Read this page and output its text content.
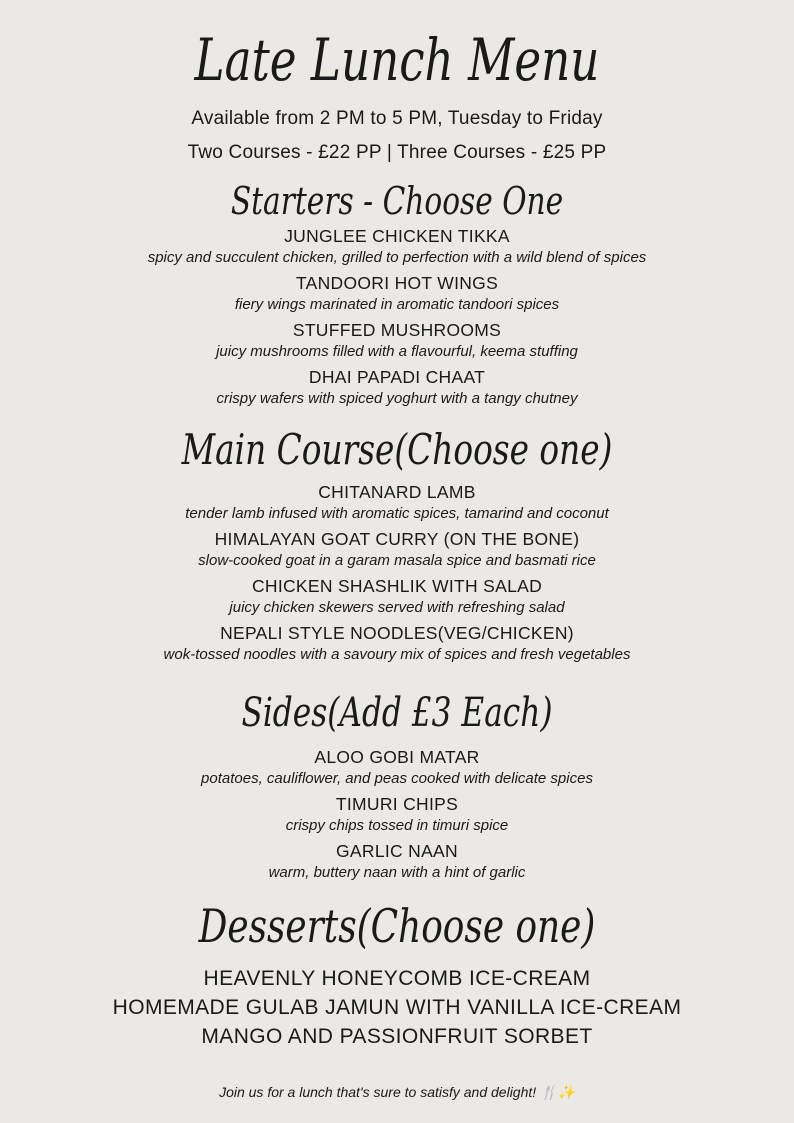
Late Lunch Menu
Available from 2 PM to 5 PM, Tuesday to Friday
Two Courses - £22 PP | Three Courses - £25 PP
Starters - Choose One
JUNGLEE CHICKEN TIKKA
spicy and succulent chicken, grilled to perfection with a wild blend of spices
TANDOORI HOT WINGS
fiery wings marinated in aromatic tandoori spices
STUFFED MUSHROOMS
juicy mushrooms filled with a flavourful, keema stuffing
DHAI PAPADI CHAAT
crispy wafers with spiced yoghurt with a tangy chutney
Main Course(Choose one)
CHITANARD LAMB
tender lamb infused with aromatic spices, tamarind and coconut
HIMALAYAN GOAT CURRY (ON THE BONE)
slow-cooked goat in a garam masala spice and basmati rice
CHICKEN SHASHLIK WITH SALAD
juicy chicken skewers served with refreshing salad
NEPALI STYLE NOODLES(VEG/CHICKEN)
wok-tossed noodles with a savoury mix of spices and fresh vegetables
Sides(Add £3 Each)
ALOO GOBI MATAR
potatoes, cauliflower, and peas cooked with delicate spices
TIMURI CHIPS
crispy chips tossed in timuri spice
GARLIC NAAN
warm, buttery naan with a hint of garlic
Desserts(Choose one)
HEAVENLY HONEYCOMB ICE-CREAM
HOMEMADE GULAB JAMUN WITH VANILLA ICE-CREAM
MANGO AND PASSIONFRUIT SORBET
Join us for a lunch that's sure to satisfy and delight! 🍴✨
